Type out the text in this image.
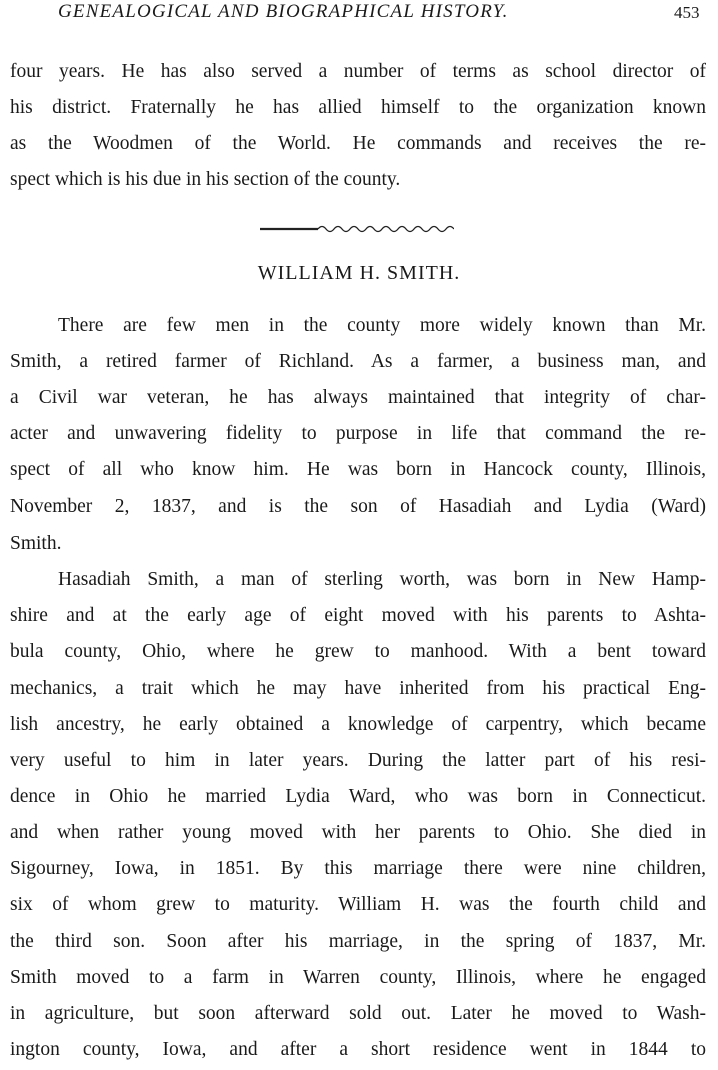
GENEALOGICAL AND BIOGRAPHICAL HISTORY.	453
four years. He has also served a number of terms as school director of
his district. Fraternally he has allied himself to the organization known
as the Woodmen of the World. He commands and receives the re-
spect which is his due in his section of the county.
WILLIAM H. SMITH.
There are few men in the county more widely known than Mr.
Smith, a retired farmer of Richland. As a farmer, a business man, and
a Civil war veteran, he has always maintained that integrity of char-
acter and unwavering fidelity to purpose in life that command the re-
spect of all who know him. He was born in Hancock county, Illinois,
November 2, 1837, and is the son of Hasadiah and Lydia (Ward)
Smith.
Hasadiah Smith, a man of sterling worth, was born in New Hamp-
shire and at the early age of eight moved with his parents to Ashta-
bula county, Ohio, where he grew to manhood. With a bent toward
mechanics, a trait which he may have inherited from his practical Eng-
lish ancestry, he early obtained a knowledge of carpentry, which became
very useful to him in later years. During the latter part of his resi-
dence in Ohio he married Lydia Ward, who was born in Connecticut.
and when rather young moved with her parents to Ohio. She died in
Sigourney, Iowa, in 1851. By this marriage there were nine children,
six of whom grew to maturity. William H. was the fourth child and
the third son. Soon after his marriage, in the spring of 1837, Mr.
Smith moved to a farm in Warren county, Illinois, where he engaged
in agriculture, but soon afterward sold out. Later he moved to Wash-
ington county, Iowa, and after a short residence went in 1844 to
